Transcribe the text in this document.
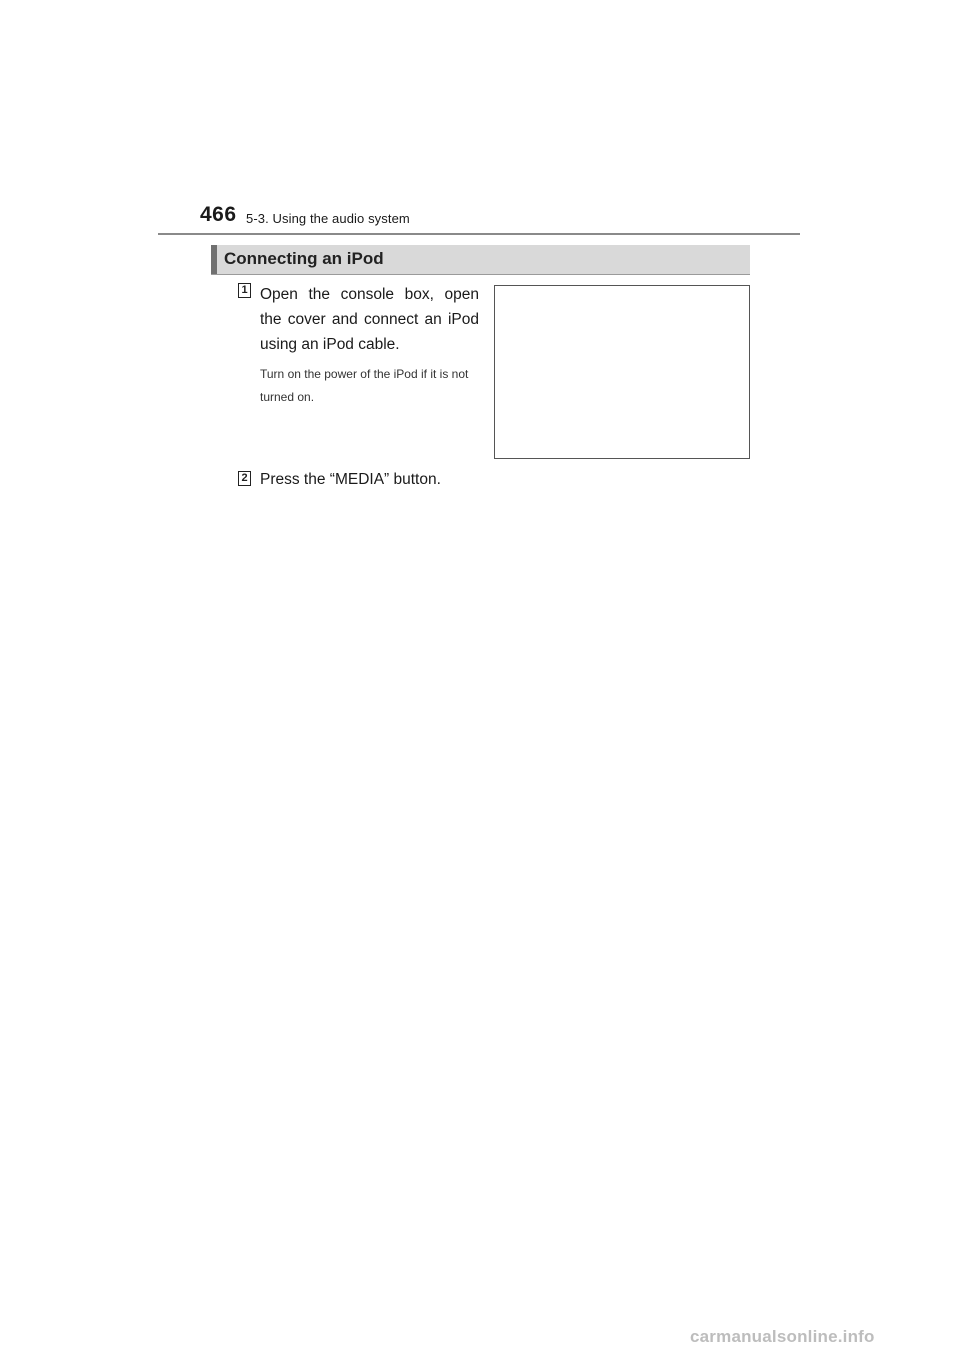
466 5-3. Using the audio system
Connecting an iPod
1 Open the console box, open the cover and connect an iPod using an iPod cable.
Turn on the power of the iPod if it is not turned on.
2 Press the “MEDIA” button.
carmanualsonline.info
